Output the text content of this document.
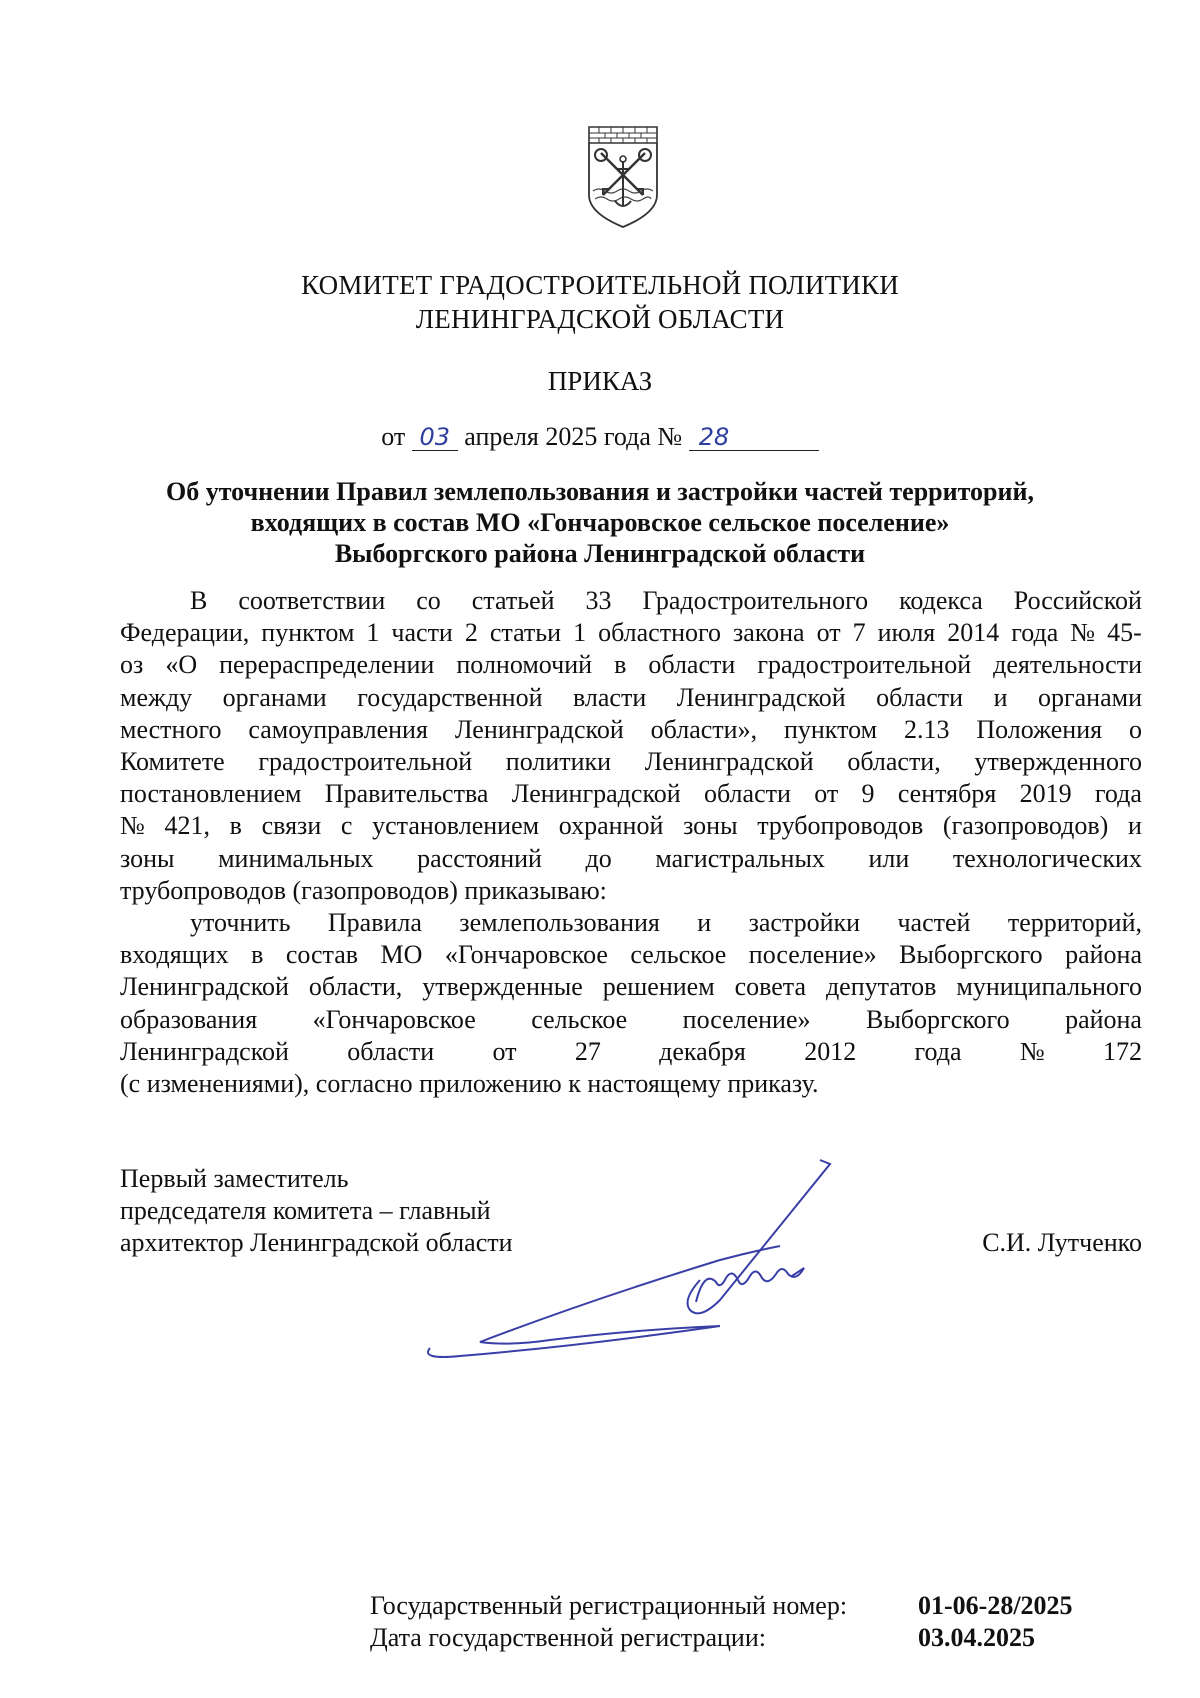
КОМИТЕТ ГРАДОСТРОИТЕЛЬНОЙ ПОЛИТИКИ
ЛЕНИНГРАДСКОЙ ОБЛАСТИ
ПРИКАЗ
от 03 апреля 2025 года № 28
Об уточнении Правил землепользования и застройки частей территорий,
входящих в состав МО «Гончаровское сельское поселение»
Выборгского района Ленинградской области
В соответствии со статьей 33 Градостроительного кодекса Российской
Федерации, пунктом 1 части 2 статьи 1 областного закона от 7 июля 2014 года № 45-
оз «О перераспределении полномочий в области градостроительной деятельности
между органами государственной власти Ленинградской области и органами
местного самоуправления Ленинградской области», пунктом 2.13 Положения о
Комитете градостроительной политики Ленинградской области, утвержденного
постановлением Правительства Ленинградской области от 9 сентября 2019 года
№ 421, в связи с установлением охранной зоны трубопроводов (газопроводов) и
зоны минимальных расстояний до магистральных или технологических
трубопроводов (газопроводов) приказываю:
уточнить Правила землепользования и застройки частей территорий,
входящих в состав МО «Гончаровское сельское поселение» Выборгского района
Ленинградской области, утвержденные решением совета депутатов муниципального
образования «Гончаровское сельское поселение» Выборгского района
Ленинградской области от 27 декабря 2012 года № 172
(с изменениями), согласно приложению к настоящему приказу.
Первый заместитель
председателя комитета – главный
архитектор Ленинградской области	С.И. Лутченко
Государственный регистрационный номер:
Дата государственной регистрации:
01-06-28/2025
03.04.2025
